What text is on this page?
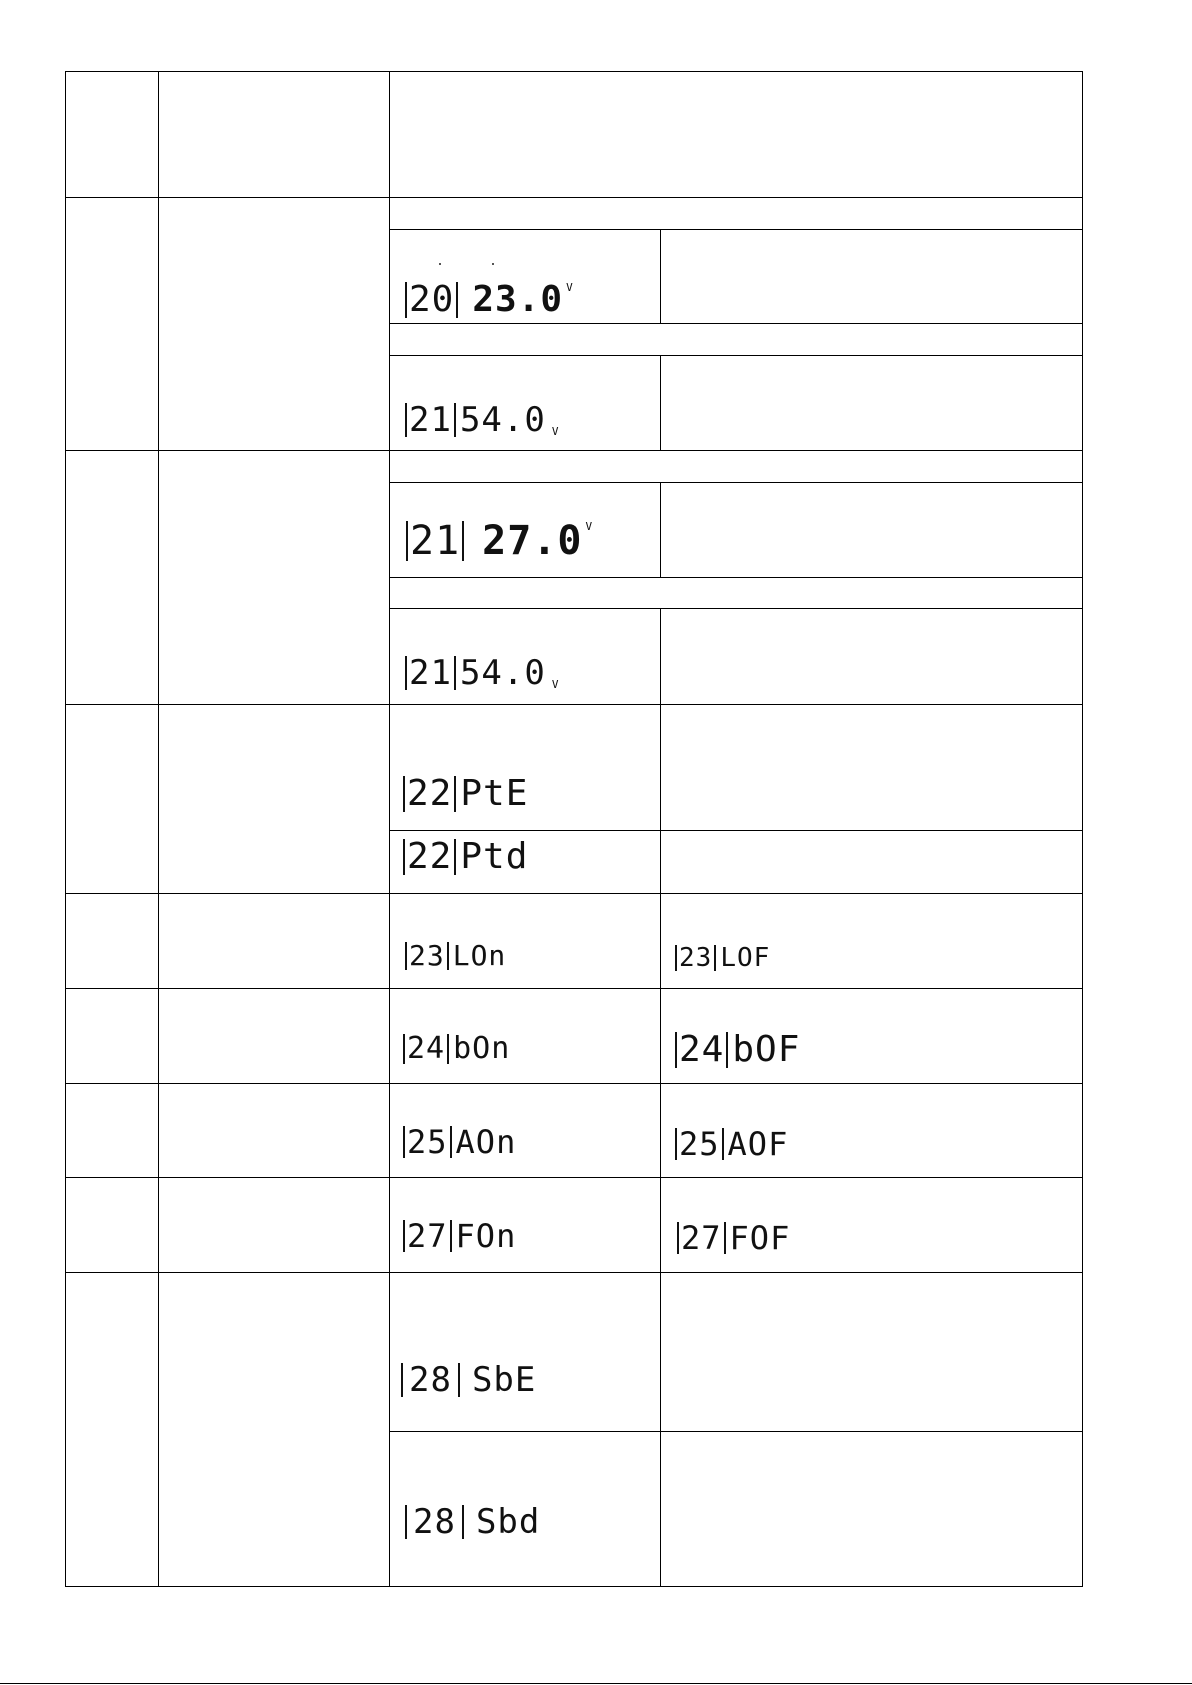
20 23.0 V
21 54.0 V
21 27.0 V
21 54.0 V
22 PtE
22 Ptd
23 LOn	23 LOF
24 bOn	24 bOF
25 AOn	25 AOF
27 FOn	27 FOF
28 SbE
28 Sbd
